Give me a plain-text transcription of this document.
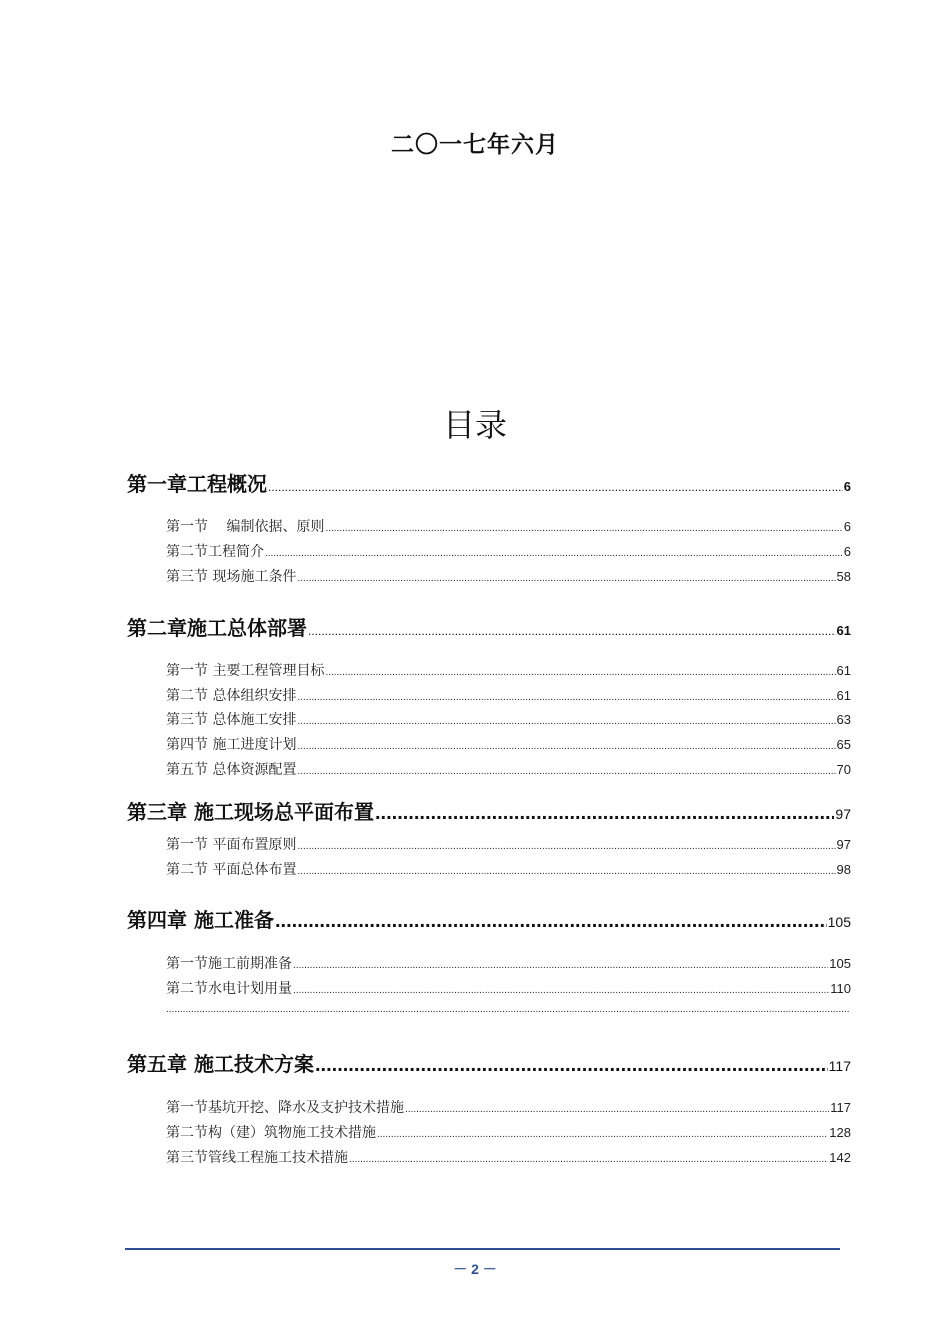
二〇一七年六月
目录
第一章工程概况 .....	6
第一节　 编制依据、原则 .....	6
第二节工程简介 .....	6
第三节 现场施工条件 .....	58
第二章施工总体部署 .....	61
第一节 主要工程管理目标 .....	61
第二节 总体组织安排 .....	61
第三节 总体施工安排 .....	63
第四节 施工进度计划 .....	65
第五节 总体资源配置 .....	70
第三章 施工现场总平面布置 .....	97
第一节 平面布置原则 .....	97
第二节 平面总体布置 .....	98
第四章 施工准备 .....	105
第一节施工前期准备 .....	105
第二节水电计划用量 .....	110
.....
第五章 施工技术方案 .....	117
第一节基坑开挖、降水及支护技术措施 .....	117
第二节构（建）筑物施工技术措施 .....	128
第三节管线工程施工技术措施 .....	142
－ 2 －
